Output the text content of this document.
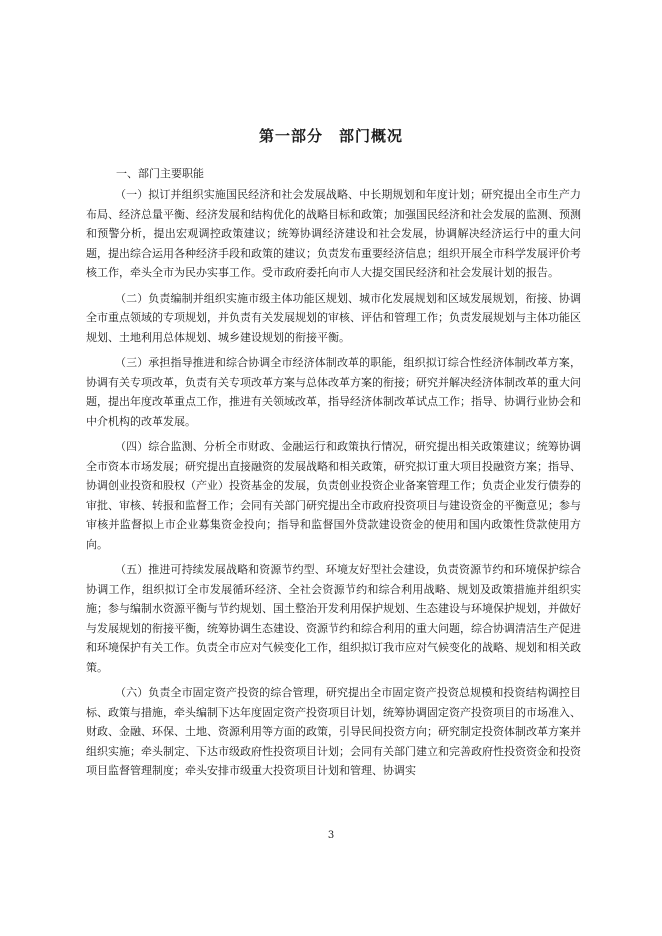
第一部分　部门概况
一、部门主要职能

（一）拟订并组织实施国民经济和社会发展战略、中长期规划和年度计划；研究提出全市生产力布局、经济总量平衡、经济发展和结构优化的战略目标和政策；加强国民经济和社会发展的监测、预测和预警分析，提出宏观调控政策建议；统筹协调经济建设和社会发展，协调解决经济运行中的重大问题，提出综合运用各种经济手段和政策的建议；负责发布重要经济信息；组织开展全市科学发展评价考核工作，牵头全市为民办实事工作。受市政府委托向市人大提交国民经济和社会发展计划的报告。

（二）负责编制并组织实施市级主体功能区规划、城市化发展规划和区域发展规划，衔接、协调全市重点领域的专项规划，并负责有关发展规划的审核、评估和管理工作；负责发展规划与主体功能区规划、土地利用总体规划、城乡建设规划的衔接平衡。

（三）承担指导推进和综合协调全市经济体制改革的职能，组织拟订综合性经济体制改革方案，协调有关专项改革，负责有关专项改革方案与总体改革方案的衔接；研究并解决经济体制改革的重大问题，提出年度改革重点工作，推进有关领域改革，指导经济体制改革试点工作；指导、协调行业协会和中介机构的改革发展。

（四）综合监测、分析全市财政、金融运行和政策执行情况，研究提出相关政策建议；统筹协调全市资本市场发展；研究提出直接融资的发展战略和相关政策，研究拟订重大项目投融资方案；指导、协调创业投资和股权（产业）投资基金的发展，负责创业投资企业备案管理工作；负责企业发行债券的审批、审核、转报和监督工作；会同有关部门研究提出全市政府投资项目与建设资金的平衡意见；参与审核并监督拟上市企业募集资金投向；指导和监督国外贷款建设资金的使用和国内政策性贷款使用方向。

（五）推进可持续发展战略和资源节约型、环境友好型社会建设，负责资源节约和环境保护综合协调工作，组织拟订全市发展循环经济、全社会资源节约和综合利用战略、规划及政策措施并组织实施；参与编制水资源平衡与节约规划、国土整治开发利用保护规划、生态建设与环境保护规划，并做好与发展规划的衔接平衡，统筹协调生态建设、资源节约和综合利用的重大问题，综合协调清洁生产促进和环境保护有关工作。负责全市应对气候变化工作，组织拟订我市应对气候变化的战略、规划和相关政策。

（六）负责全市固定资产投资的综合管理，研究提出全市固定资产投资总规模和投资结构调控目标、政策与措施，牵头编制下达年度固定资产投资项目计划，统筹协调固定资产投资项目的市场准入、财政、金融、环保、土地、资源利用等方面的政策，引导民间投资方向；研究制定投资体制改革方案并组织实施；牵头制定、下达市级政府性投资项目计划；会同有关部门建立和完善政府性投资资金和投资项目监督管理制度；牵头安排市级重大投资项目计划和管理、协调实

3
